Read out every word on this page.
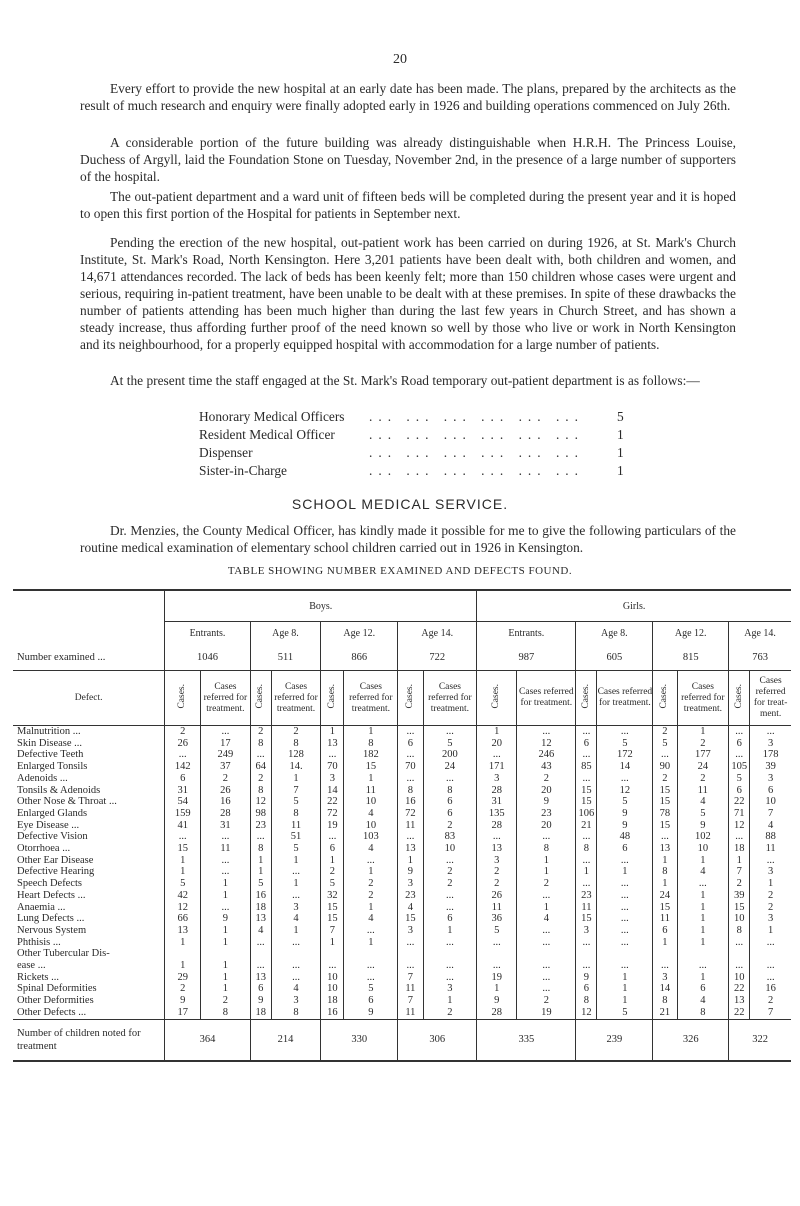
20

Every effort to provide the new hospital at an early date has been made. The plans, prepared by the architects as the result of much research and enquiry were finally adopted early in 1926 and building operations commenced on July 26th.

A considerable portion of the future building was already distinguishable when H.R.H. The Princess Louise, Duchess of Argyll, laid the Foundation Stone on Tuesday, November 2nd, in the presence of a large number of supporters of the hospital.

The out-patient department and a ward unit of fifteen beds will be completed during the present year and it is hoped to open this first portion of the Hospital for patients in September next.

Pending the erection of the new hospital, out-patient work has been carried on during 1926, at St. Mark's Church Institute, St. Mark's Road, North Kensington. Here 3,201 patients have been dealt with, both children and women, and 14,671 attendances recorded. The lack of beds has been keenly felt; more than 150 children whose cases were urgent and serious, requiring in-patient treatment, have been unable to be dealt with at these premises. In spite of these drawbacks the number of patients attending has been much higher than during the last few years in Church Street, and has shown a steady increase, thus affording further proof of the need known so well by those who live or work in North Kensington and its neighbourhood, for a properly equipped hospital with accommodation for a large number of patients.

At the present time the staff engaged at the St. Mark's Road temporary out-patient department is as follows:—

Honorary Medical Officers ... ... ... ... ... ...	5
Resident Medical Officer	... ... ... ... ... ...	1
Dispenser	... ... ... ... ... ...	1
Sister-in-Charge	... ... ... ... ... ...	1
SCHOOL MEDICAL SERVICE.

Dr. Menzies, the County Medical Officer, has kindly made it possible for me to give the following particulars of the routine medical examination of elementary school children carried out in 1926 in Kensington.

TABLE SHOWING NUMBER EXAMINED AND DEFECTS FOUND.

	Boys.								Girls.							
	Entrants.		Age 8.		Age 12.		Age 14.		Entrants.		Age 8.		Age 12.		Age 14.	
Number examined ...	1046		511		866		722		987		605		815		763	
Defect.	Cases.	Cases referred for treatment.	Cases.	Cases referred for treatment.	Cases.	Cases referred for treatment.	Cases.	Cases referred for treatment.	Cases.	Cases referred for treatment.	Cases.	Cases referred for treatment.	Cases.	Cases referred for treatment.	Cases.	Cases referred for treatment.
Malnutrition ...	2	...	2	2	1	1	...	...	1	...	...	...	2	1	...	...
Skin Disease ...	26	17	8	8	13	8	6	5	20	12	6	5	5	2	6	3
Defective Teeth	...	249	...	128	...	182	...	200	...	246	...	172	...	177	...	178
Enlarged Tonsils	142	37	64	14.	70	15	70	24	171	43	85	14	90	24	105	39
Adenoids ...	6	2	2	1	3	1	...	...	3	2	...	...	2	2	5	3
Tonsils & Adenoids	31	26	8	7	14	11	8	8	28	20	15	12	15	11	6	6
Other Nose & Throat ...	54	16	12	5	22	10	16	6	31	9	15	5	15	4	22	10
Enlarged Glands	159	28	98	8	72	4	72	6	135	23	106	9	78	5	71	7
Eye Disease ...	41	31	23	11	19	10	11	2	28	20	21	9	15	9	12	4
Defective Vision	...	...	...	51	...	103	...	83	...	...	...	48	...	102	...	88
Otorrhoea ...	15	11	8	5	6	4	13	10	13	8	8	6	13	10	18	11
Other Ear Disease	1	...	1	1	1	...	1	...	3	1	...	...	1	1	1	...
Defective Hearing	1	...	1	...	2	1	9	2	2	1	1	1	8	4	7	3
Speech Defects	5	1	5	1	5	2	3	2	2	2	...	...	1	...	2	1
Heart Defects ...	42	1	16	...	32	2	23	...	26	...	23	...	24	1	39	2
Anaemia ...	12	...	18	3	15	1	4	...	11	1	11	...	15	1	15	2
Lung Defects ...	66	9	13	4	15	4	15	6	36	4	15	...	11	1	10	3
Nervous System	13	1	4	1	7	...	3	1	5	...	3	...	6	1	8	1
Phthisis ...	1	1	...	...	1	1	...	...	...	...	...	...	1	1	...	...
Other Tubercular Dis-																
ease ...	1	1	...	...	...	...	...	...	...	...	...	...	...	...	...	...
Rickets ...	29	1	13	...	10	...	7	...	19	...	9	1	3	1	10	...
Spinal Deformities	2	1	6	4	10	5	11	3	1	...	6	1	14	6	22	16
Other Deformities	9	2	9	3	18	6	7	1	9	2	8	1	8	4	13	2
Other Defects ...	17	8	18	8	16	9	11	2	28	19	12	5	21	8	22	7
Number of children noted for treatment	364		214		330		306		335		239		326		322	
